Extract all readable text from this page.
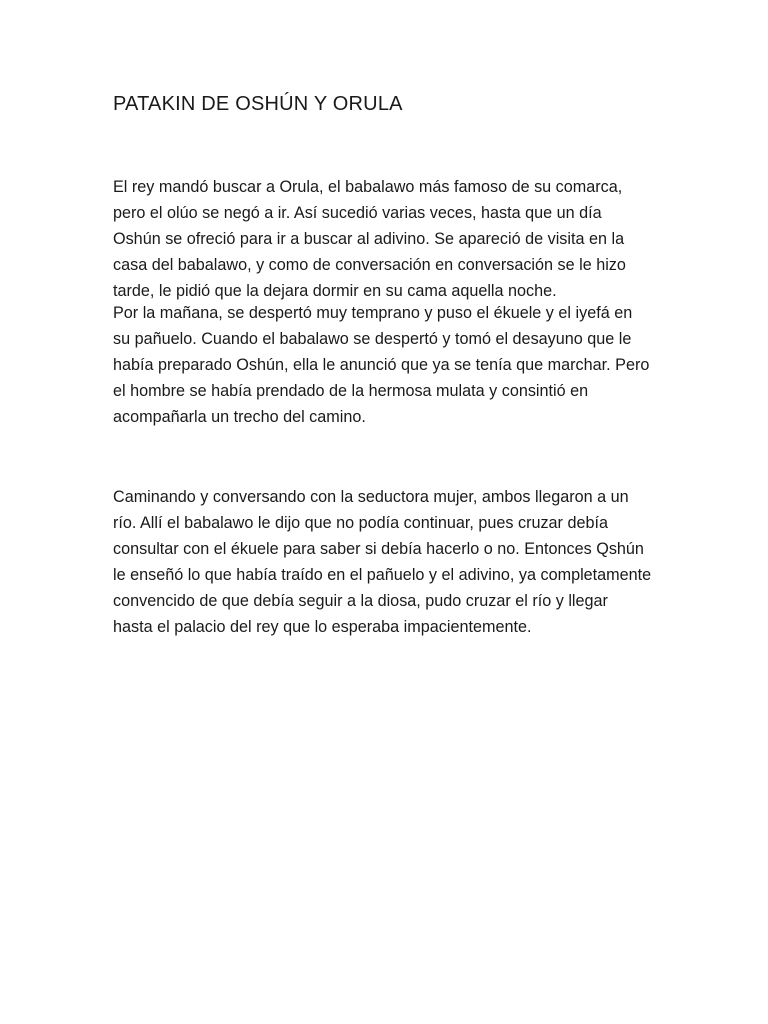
PATAKIN DE OSHÚN Y ORULA
El rey mandó buscar a Orula, el babalawo más famoso de su comarca,
pero el olúo se negó a ir. Así sucedió varias veces, hasta que un día
Oshún se ofreció para ir a buscar al adivino. Se apareció de visita en la
casa del babalawo, y como de conversación en conversación se le hizo
tarde, le pidió que la dejara dormir en su cama aquella noche.
Por la mañana, se despertó muy temprano y puso el ékuele y el iyefá en
su pañuelo. Cuando el babalawo se despertó y tomó el desayuno que le
había preparado Oshún, ella le anunció que ya se tenía que marchar. Pero
el hombre se había prendado de la hermosa mulata y consintió en
acompañarla un trecho del camino.
Caminando y conversando con la seductora mujer, ambos llegaron a un
río. Allí el babalawo le dijo que no podía continuar, pues cruzar debía
consultar con el ékuele para saber si debía hacerlo o no. Entonces Qshún
le enseñó lo que había traído en el pañuelo y el adivino, ya completamente
convencido de que debía seguir a la diosa, pudo cruzar el río y llegar
hasta el palacio del rey que lo esperaba impacientemente.
